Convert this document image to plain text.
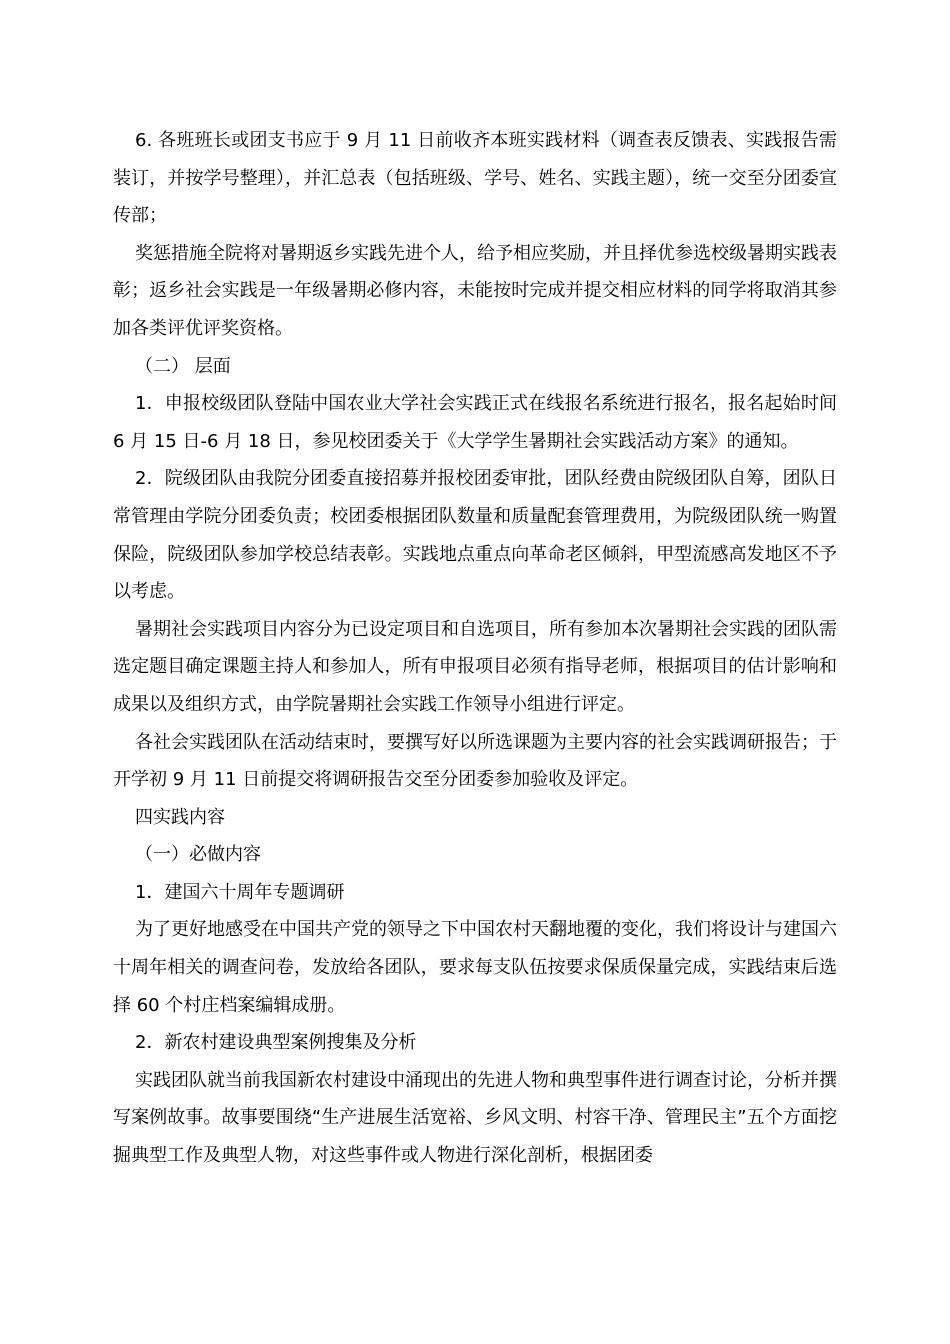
6. 各班班长或团支书应于 9 月 11 日前收齐本班实践材料（调查表反馈表、实践报告需装订，并按学号整理），并汇总表（包括班级、学号、姓名、实践主题），统一交至分团委宣传部；

奖惩措施全院将对暑期返乡实践先进个人，给予相应奖励，并且择优参选校级暑期实践表彰；返乡社会实践是一年级暑期必修内容，未能按时完成并提交相应材料的同学将取消其参加各类评优评奖资格。

（二） 层面

1．申报校级团队登陆中国农业大学社会实践正式在线报名系统进行报名，报名起始时间 6 月 15 日-6 月 18 日，参见校团委关于《大学学生暑期社会实践活动方案》的通知。

2．院级团队由我院分团委直接招募并报校团委审批，团队经费由院级团队自筹，团队日常管理由学院分团委负责；校团委根据团队数量和质量配套管理费用，为院级团队统一购置保险，院级团队参加学校总结表彰。实践地点重点向革命老区倾斜，甲型流感高发地区不予以考虑。

暑期社会实践项目内容分为已设定项目和自选项目，所有参加本次暑期社会实践的团队需选定题目确定课题主持人和参加人，所有申报项目必须有指导老师，根据项目的估计影响和成果以及组织方式，由学院暑期社会实践工作领导小组进行评定。

各社会实践团队在活动结束时，要撰写好以所选课题为主要内容的社会实践调研报告；于开学初 9 月 11 日前提交将调研报告交至分团委参加验收及评定。

四实践内容

（一）必做内容

1．建国六十周年专题调研

为了更好地感受在中国共产党的领导之下中国农村天翻地覆的变化，我们将设计与建国六十周年相关的调查问卷，发放给各团队，要求每支队伍按要求保质保量完成，实践结束后选择 60 个村庄档案编辑成册。

2．新农村建设典型案例搜集及分析

实践团队就当前我国新农村建设中涌现出的先进人物和典型事件进行调查讨论，分析并撰写案例故事。故事要围绕“生产进展生活宽裕、乡风文明、村容干净、管理民主”五个方面挖掘典型工作及典型人物，对这些事件或人物进行深化剖析，根据团委
